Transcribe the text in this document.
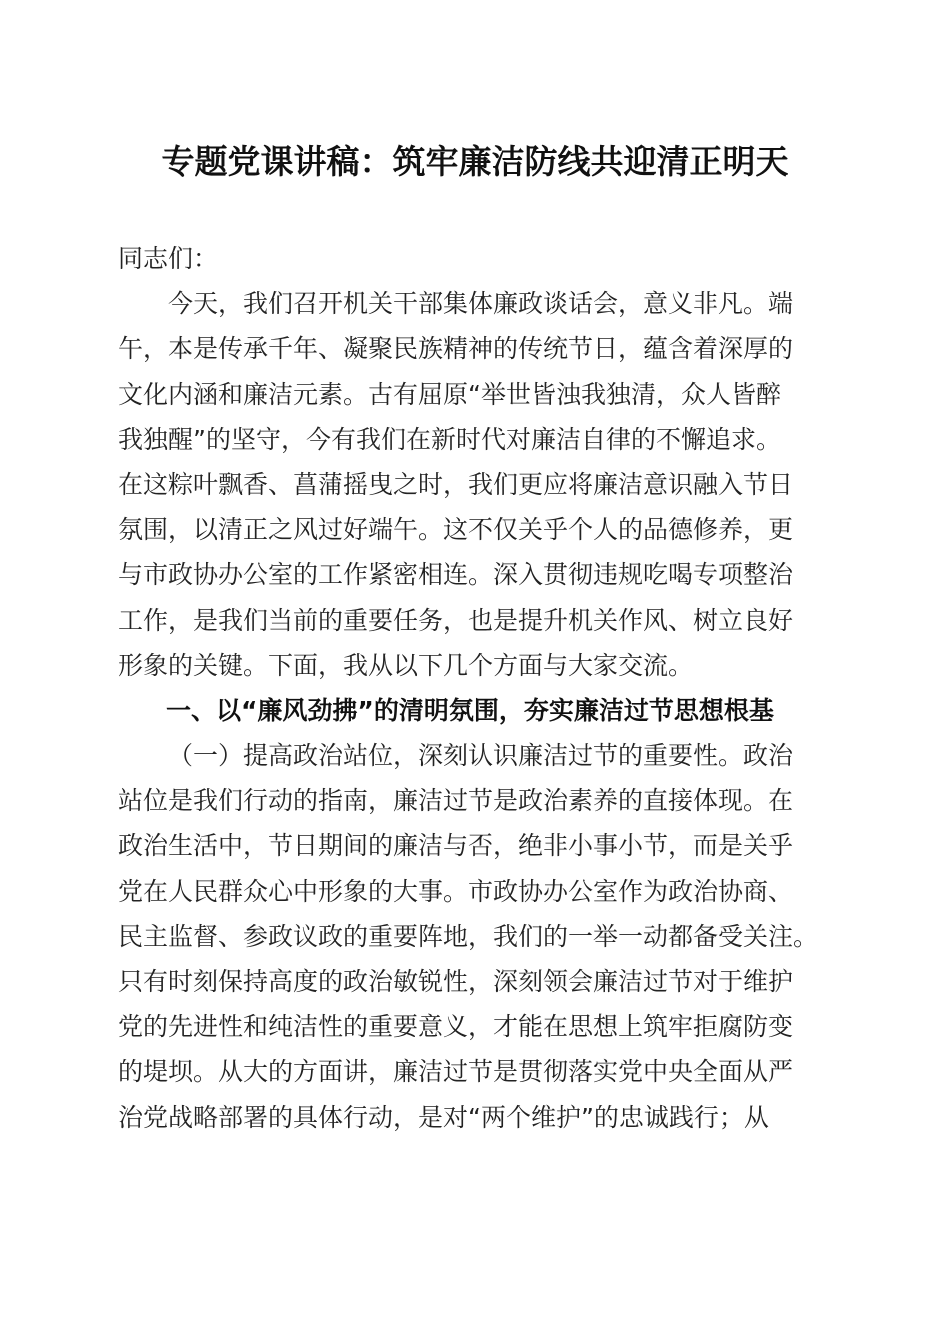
专题党课讲稿：筑牢廉洁防线共迎清正明天
同志们：
今天，我们召开机关干部集体廉政谈话会，意义非凡。端
午，本是传承千年、凝聚民族精神的传统节日，蕴含着深厚的
文化内涵和廉洁元素。古有屈原“举世皆浊我独清，众人皆醉
我独醒”的坚守，今有我们在新时代对廉洁自律的不懈追求。
在这粽叶飘香、菖蒲摇曳之时，我们更应将廉洁意识融入节日
氛围，以清正之风过好端午。这不仅关乎个人的品德修养，更
与市政协办公室的工作紧密相连。深入贯彻违规吃喝专项整治
工作，是我们当前的重要任务，也是提升机关作风、树立良好
形象的关键。下面，我从以下几个方面与大家交流。
一、以“廉风劲拂”的清明氛围，夯实廉洁过节思想根基
（一）提高政治站位，深刻认识廉洁过节的重要性。政治
站位是我们行动的指南，廉洁过节是政治素养的直接体现。在
政治生活中，节日期间的廉洁与否，绝非小事小节，而是关乎
党在人民群众心中形象的大事。市政协办公室作为政治协商、
民主监督、参政议政的重要阵地，我们的一举一动都备受关注。
只有时刻保持高度的政治敏锐性，深刻领会廉洁过节对于维护
党的先进性和纯洁性的重要意义，才能在思想上筑牢拒腐防变
的堤坝。从大的方面讲，廉洁过节是贯彻落实党中央全面从严
治党战略部署的具体行动，是对“两个维护”的忠诚践行；从
